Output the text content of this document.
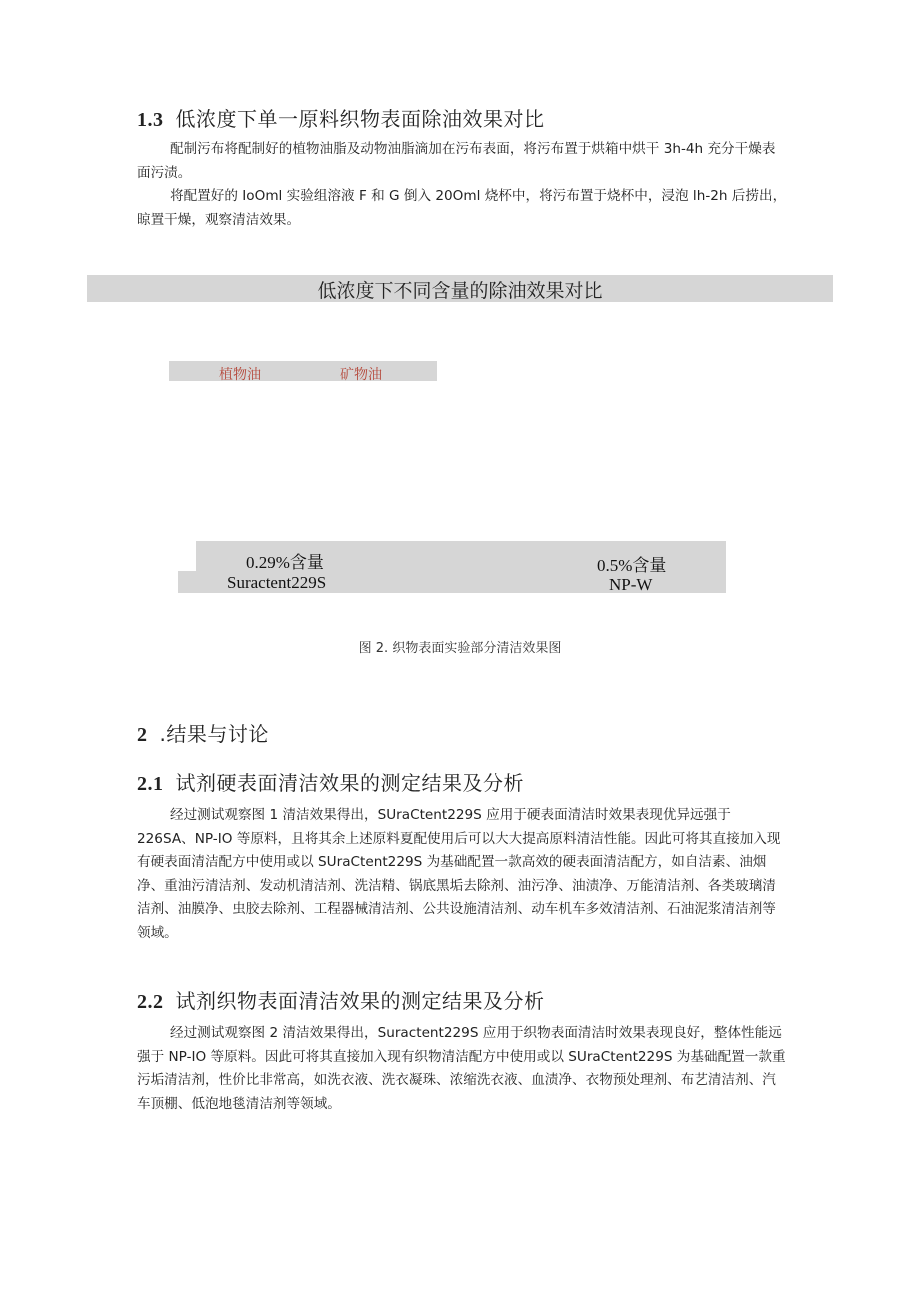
1.3 低浓度下单一原料织物表面除油效果对比

配制污布将配制好的植物油脂及动物油脂滴加在污布表面，将污布置于烘箱中烘干 3h-4h 充分干燥表面污渍。

将配置好的 IoOml 实验组溶液 F 和 G 倒入 20Oml 烧杯中，将污布置于烧杯中，浸泡 lh-2h 后捞出，晾置干燥，观察清洁效果。

低浓度下不同含量的除油效果对比
植物油	矿物油
0.29%含量
Suractent229S
0.5%含量
NP-W
图 2. 织物表面实验部分清洁效果图
2 .结果与讨论
2.1 试剂硬表面清洁效果的测定结果及分析

经过测试观察图 1 清洁效果得出，SUraCtent229S 应用于硬表面清洁时效果表现优异远强于 226SA、NP-IO 等原料，且将其余上述原料夏配使用后可以大大提高原料清洁性能。因此可将其直接加入现有硬表面清洁配方中使用或以 SUraCtent229S 为基础配置一款高效的硬表面清洁配方，如自洁素、油烟净、重油污清洁剂、发动机清洁剂、洗洁精、锅底黑垢去除剂、油污净、油渍净、万能清洁剂、各类玻璃清洁剂、油膜净、虫胶去除剂、工程器械清洁剂、公共设施清洁剂、动车机车多效清洁剂、石油泥浆清洁剂等领域。

2.2 试剂织物表面清洁效果的测定结果及分析

经过测试观察图 2 清洁效果得出，Suractent229S 应用于织物表面清洁时效果表现良好，整体性能远强于 NP-IO 等原料。因此可将其直接加入现有织物清洁配方中使用或以 SUraCtent229S 为基础配置一款重污垢清洁剂，性价比非常高，如洗衣液、洗衣凝珠、浓缩洗衣液、血渍净、衣物预处理剂、布艺清洁剂、汽车顶棚、低泡地毯清洁剂等领域。
